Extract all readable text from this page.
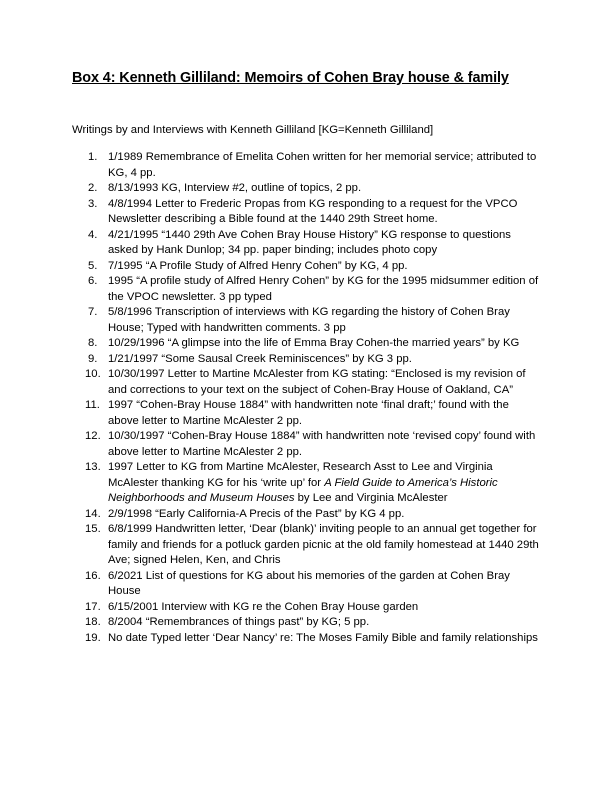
Box 4: Kenneth Gilliland: Memoirs of Cohen Bray house & family

Writings by and Interviews with Kenneth Gilliland [KG=Kenneth Gilliland]

1. 1/1989 Remembrance of Emelita Cohen written for her memorial service; attributed to KG, 4 pp.
2. 8/13/1993 KG, Interview #2, outline of topics, 2 pp.
3. 4/8/1994 Letter to Frederic Propas from KG responding to a request for the VPCO Newsletter describing a Bible found at the 1440 29th Street home.
4. 4/21/1995 “1440 29th Ave Cohen Bray House History” KG response to questions asked by Hank Dunlop; 34 pp. paper binding; includes photo copy
5. 7/1995 “A Profile Study of Alfred Henry Cohen” by KG, 4 pp.
6. 1995 “A profile study of Alfred Henry Cohen” by KG for the 1995 midsummer edition of the VPOC newsletter. 3 pp typed
7. 5/8/1996 Transcription of interviews with KG regarding the history of Cohen Bray House; Typed with handwritten comments. 3 pp
8. 10/29/1996 “A glimpse into the life of Emma Bray Cohen-the married years” by KG
9. 1/21/1997 “Some Sausal Creek Reminiscences” by KG 3 pp.
10. 10/30/1997 Letter to Martine McAlester from KG stating: “Enclosed is my revision of and corrections to your text on the subject of Cohen-Bray House of Oakland, CA”
11. 1997 “Cohen-Bray House 1884” with handwritten note ‘final draft;’ found with the above letter to Martine McAlester 2 pp.
12. 10/30/1997 “Cohen-Bray House 1884” with handwritten note ‘revised copy’ found with above letter to Martine McAlester 2 pp.
13. 1997 Letter to KG from Martine McAlester, Research Asst to Lee and Virginia McAlester thanking KG for his ‘write up’ for A Field Guide to America’s Historic Neighborhoods and Museum Houses by Lee and Virginia McAlester
14. 2/9/1998 “Early California-A Precis of the Past” by KG 4 pp.
15. 6/8/1999 Handwritten letter, ‘Dear (blank)’ inviting people to an annual get together for family and friends for a potluck garden picnic at the old family homestead at 1440 29th Ave; signed Helen, Ken, and Chris
16. 6/2021 List of questions for KG about his memories of the garden at Cohen Bray House
17. 6/15/2001 Interview with KG re the Cohen Bray House garden
18. 8/2004 “Remembrances of things past” by KG; 5 pp.
19. No date Typed letter ‘Dear Nancy’ re: The Moses Family Bible and family relationships
